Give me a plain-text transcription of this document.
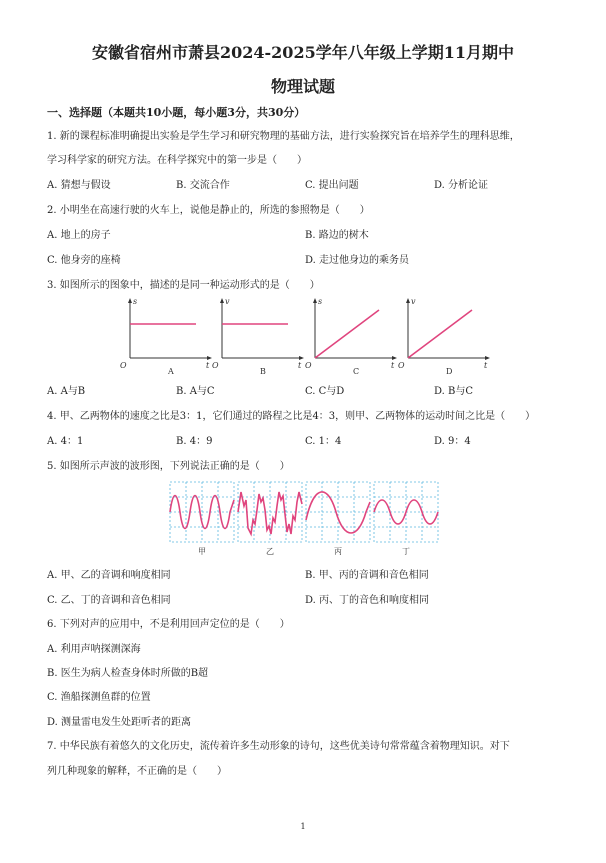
安徽省宿州市萧县2024-2025学年八年级上学期11月期中
物理试题
一、选择题（本题共10小题，每小题3分，共30分）
1. 新的课程标准明确提出实验是学生学习和研究物理的基础方法，进行实验探究旨在培养学生的理科思维，
学习科学家的研究方法。在科学探究中的第一步是（　　）
A. 猜想与假设	B. 交流合作	C. 提出问题	D. 分析论证
2. 小明坐在高速行驶的火车上，说他是静止的，所选的参照物是（　　）
A. 地上的房子	B. 路边的树木
C. 他身旁的座椅	D. 走过他身边的乘务员
3. 如图所示的图象中，描述的是同一种运动形式的是（　　）
s
O	t
A
v
O	t
B
s
O	t
C
v
O	t
D
A. A与B	B. A与C	C. C与D	D. B与C
4. 甲、乙两物体的速度之比是3：1，它们通过的路程之比是4：3，则甲、乙两物体的运动时间之比是（　　）
A. 4：1	B. 4：9	C. 1：4	D. 9：4
5. 如图所示声波的波形图，下列说法正确的是（　　）
甲	乙	丙	丁
A. 甲、乙的音调和响度相同	B. 甲、丙的音调和音色相同
C. 乙、丁的音调和音色相同	D. 丙、丁的音色和响度相同
6. 下列对声的应用中，不是利用回声定位的是（　　）
A. 利用声呐探测深海
B. 医生为病人检查身体时所做的B超
C. 渔船探测鱼群的位置
D. 测量雷电发生处距听者的距离
7. 中华民族有着悠久的文化历史，流传着许多生动形象的诗句，这些优美诗句常常蕴含着物理知识。对下
列几种现象的解释，不正确的是（　　）
1
